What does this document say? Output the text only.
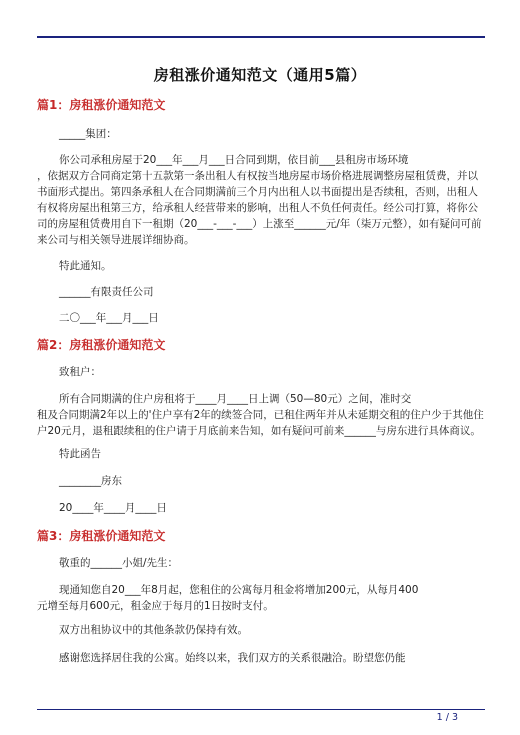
房租涨价通知范文（通用5篇）
篇1：房租涨价通知范文
_____集团：
你公司承租房屋于20___年___月___日合同到期，依目前___县租房市场环境
，依据双方合同商定第十五款第一条出租人有权按当地房屋市场价格进展调整房屋租赁费，并以
书面形式提出。第四条承租人在合同期满前三个月内出租人以书面提出是否续租，否则，出租人
有权将房屋出租第三方，给承租人经营带来的影响，出租人不负任何责任。经公司打算，将你公
司的房屋租赁费用自下一租期（20___-___-___）上涨至______元/年（柒万元整），如有疑问可前
来公司与相关领导进展详细协商。
特此通知。
______有限责任公司
二〇___年___月___日
篇2：房租涨价通知范文
致租户：
所有合同期满的住户房租将于____月____日上调（50—80元）之间，准时交
租及合同期满2年以上的'住户享有2年的续签合同，已租住两年并从未延期交租的住户少于其他住
户20元月，退租跟续租的住户请于月底前来告知，如有疑问可前来______与房东进行具体商议。
特此函告
________房东
20____年____月____日
篇3：房租涨价通知范文
敬重的______小姐/先生：
现通知您自20___年8月起，您租住的公寓每月租金将增加200元，从每月400
元增至每月600元，租金应于每月的1日按时支付。
双方出租协议中的其他条款仍保持有效。
感谢您选择居住我的公寓。始终以来，我们双方的关系很融洽。盼望您仍能
1 / 3
